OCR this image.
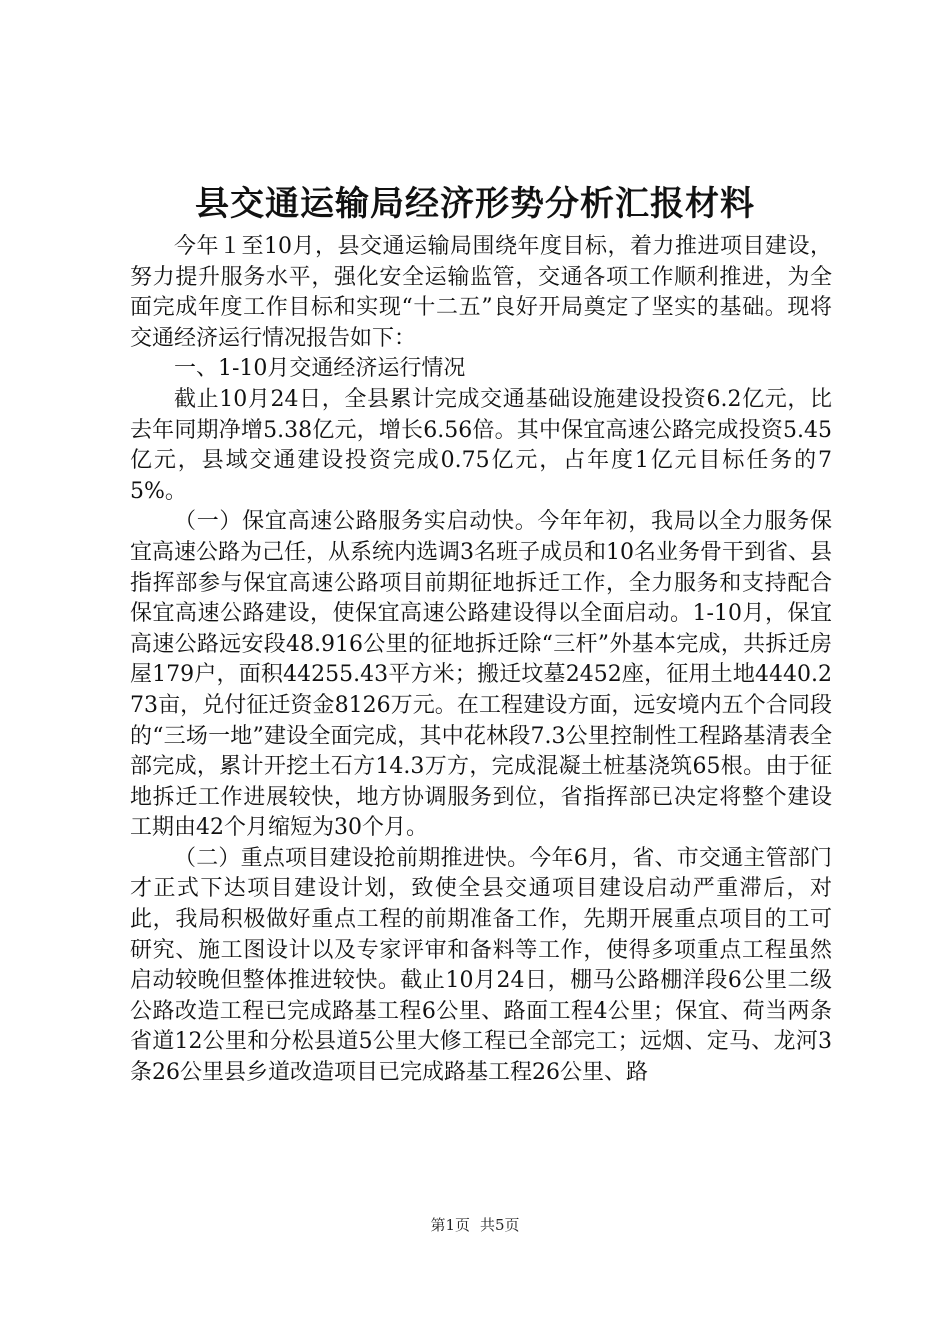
县交通运输局经济形势分析汇报材料

今年１至10月，县交通运输局围绕年度目标，着力推进项目建设，努力提升服务水平，强化安全运输监管，交通各项工作顺利推进，为全面完成年度工作目标和实现“十二五”良好开局奠定了坚实的基础。现将交通经济运行情况报告如下：

一、1-10月交通经济运行情况

截止10月24日，全县累计完成交通基础设施建设投资6.2亿元，比去年同期净增5.38亿元，增长6.56倍。其中保宜高速公路完成投资5.45亿元，县域交通建设投资完成0.75亿元，占年度1亿元目标任务的75%。

（一）保宜高速公路服务实启动快。今年年初，我局以全力服务保宜高速公路为己任，从系统内选调3名班子成员和10名业务骨干到省、县指挥部参与保宜高速公路项目前期征地拆迁工作，全力服务和支持配合保宜高速公路建设，使保宜高速公路建设得以全面启动。1-10月，保宜高速公路远安段48.916公里的征地拆迁除“三杆”外基本完成，共拆迁房屋179户，面积44255.43平方米；搬迁坟墓2452座，征用土地4440.273亩，兑付征迁资金8126万元。在工程建设方面，远安境内五个合同段的“三场一地”建设全面完成，其中花林段7.3公里控制性工程路基清表全部完成，累计开挖土石方14.3万方，完成混凝土桩基浇筑65根。由于征地拆迁工作进展较快，地方协调服务到位，省指挥部已决定将整个建设工期由42个月缩短为30个月。

（二）重点项目建设抢前期推进快。今年6月，省、市交通主管部门才正式下达项目建设计划，致使全县交通项目建设启动严重滞后，对此，我局积极做好重点工程的前期准备工作，先期开展重点项目的工可研究、施工图设计以及专家评审和备料等工作，使得多项重点工程虽然启动较晚但整体推进较快。截止10月24日，棚马公路棚洋段6公里二级公路改造工程已完成路基工程6公里、路面工程4公里；保宜、荷当两条省道12公里和分松县道5公里大修工程已全部完工；远烟、定马、龙河3条26公里县乡道改造项目已完成路基工程26公里、路

第1页 共5页
